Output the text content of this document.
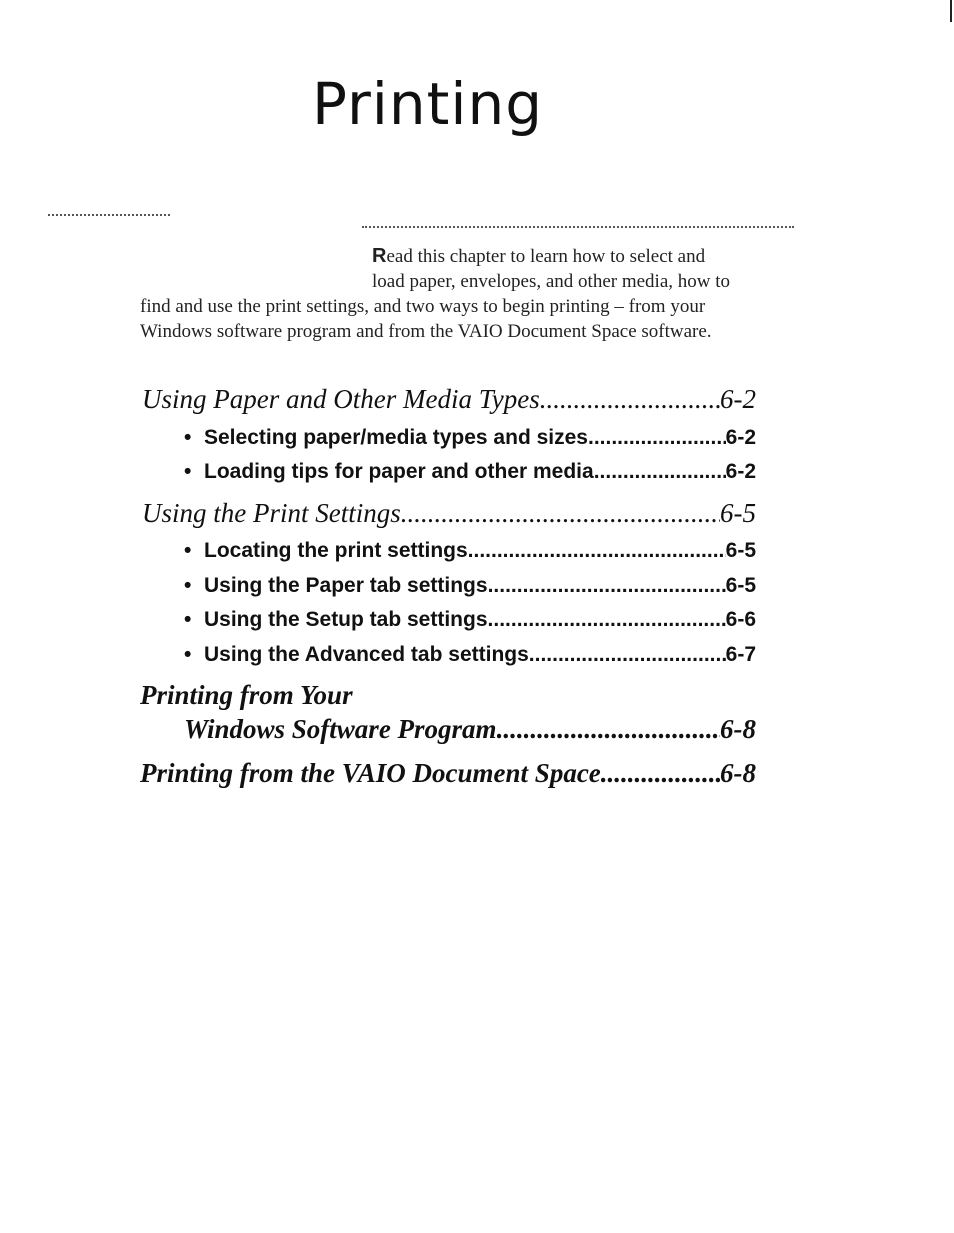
Printing
Read this chapter to learn how to select and
load paper, envelopes, and other media, how to
find and use the print settings, and two ways to begin printing – from your
Windows software program and from the VAIO Document Space software.
Using Paper and Other Media Types .....	6-2
• Selecting paper/media types and sizes .....	6-2
• Loading tips for paper and other media .....	6-2
Using the Print Settings .....	6-5
• Locating the print settings .....	6-5
• Using the Paper tab settings .....	6-5
• Using the Setup tab settings .....	6-6
• Using the Advanced tab settings .....	6-7
Printing from Your
Windows Software Program .....	6-8
Printing from the VAIO Document Space .....	6-8
